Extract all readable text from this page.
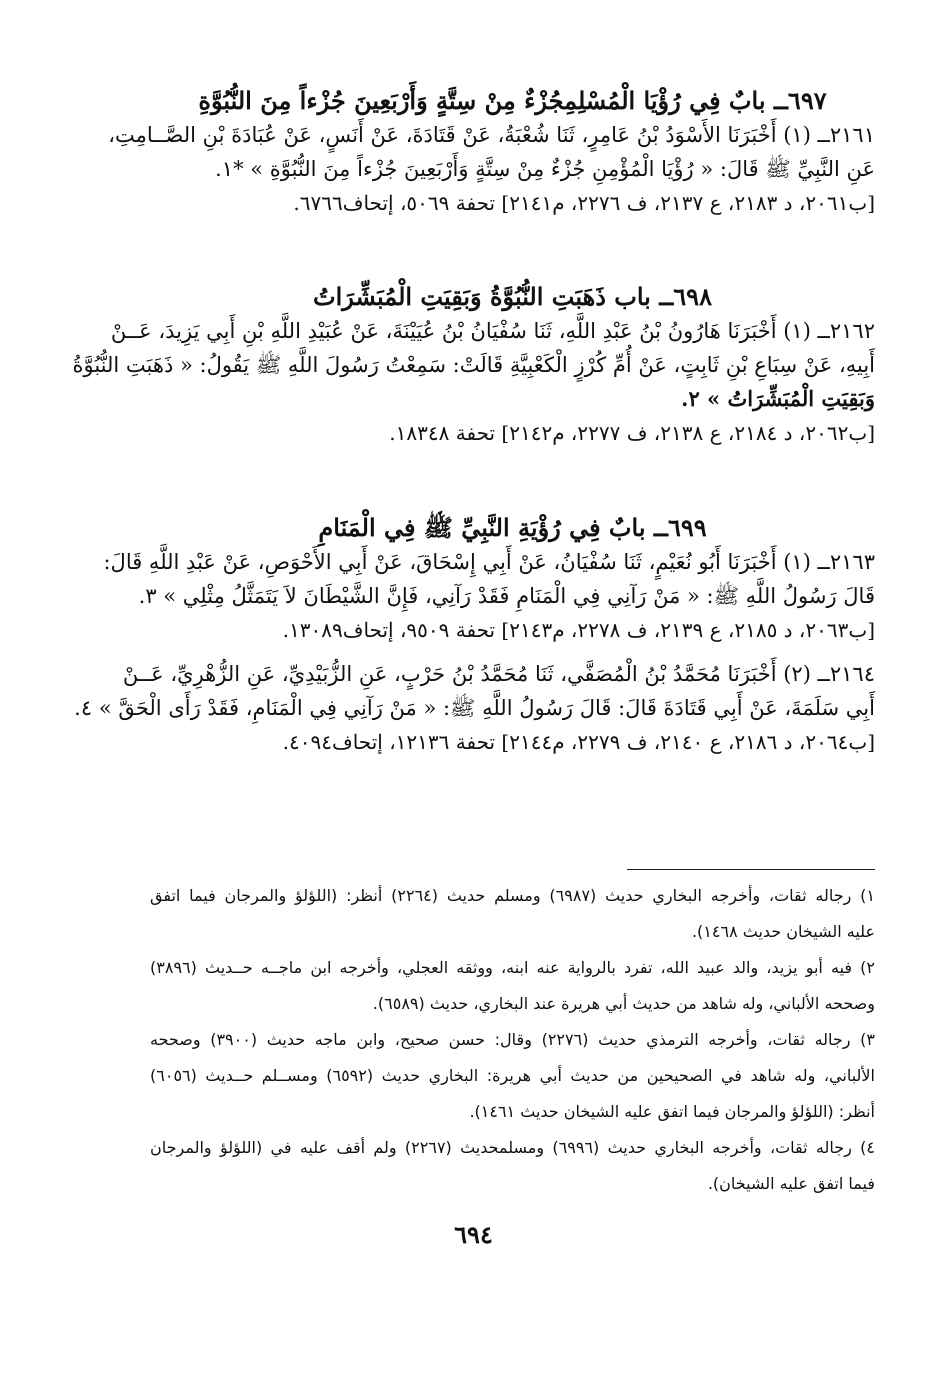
٦٩٧ــ بابٌ فِي رُؤْيَا الْمُسْلِمِجُزْءٌ مِنْ سِتَّةٍ وَأَرْبَعِينَ جُزْءاً مِنَ النُّبُوَّةِ
٢١٦١ــ (١) أَخْبَرَنَا الأَسْوَدُ بْنُ عَامِرٍ، ثَنَا شُعْبَةُ، عَنْ قَتَادَةَ، عَنْ أَنَسٍ، عَنْ عُبَادَةَ بْنِ الصَّــامِتِ،
عَنِ النَّبِيِّ ﷺ قَالَ: « رُؤْيَا الْمُؤْمِنِ جُزْءٌ مِنْ سِتَّةٍ وَأَرْبَعِينَ جُزْءاً مِنَ النُّبُوَّةِ » *١.
[ب٢٠٦١، د ٢١٨٣، ع ٢١٣٧، ف ٢٢٧٦، م٢١٤١] تحفة ٥٠٦٩، إتحاف٦٧٦٦.
٦٩٨ــ باب ذَهَبَتِ النُّبُوَّةُ وَبَقِيَتِ الْمُبَشِّرَاتُ
٢١٦٢ــ (١) أَخْبَرَنَا هَارُونُ بْنُ عَبْدِ اللَّهِ، ثَنَا سُفْيَانُ بْنُ عُيَيْنَةَ، عَنْ عُبَيْدِ اللَّهِ بْنِ أَبِي يَزِيدَ، عَــنْ
أَبِيهِ، عَنْ سِبَاعِ بْنِ ثَابِتٍ، عَنْ أُمِّ كُرْزٍ الْكَعْبِيَّةِ قَالَتْ: سَمِعْتُ رَسُولَ اللَّهِ ﷺ يَقُولُ: « ذَهَبَتِ النُّبُوَّةُ
وَبَقِيَتِ الْمُبَشِّرَاتُ » ٢.
[ب٢٠٦٢، د ٢١٨٤، ع ٢١٣٨، ف ٢٢٧٧، م٢١٤٢] تحفة ١٨٣٤٨.
٦٩٩ــ بابٌ فِي رُؤْيَةِ النَّبِيِّ ﷺ فِي الْمَنَامِ
٢١٦٣ــ (١) أَخْبَرَنَا أَبُو نُعَيْمٍ، ثَنَا سُفْيَانُ، عَنْ أَبِي إِسْحَاقَ، عَنْ أَبِي الأَحْوَصِ، عَنْ عَبْدِ اللَّهِ قَالَ:
قَالَ رَسُولُ اللَّهِ ﷺ: « مَنْ رَآنِي فِي الْمَنَامِ فَقَدْ رَآنِي، فَإِنَّ الشَّيْطَانَ لاَ يَتَمَثَّلُ مِثْلِي » ٣.
[ب٢٠٦٣، د ٢١٨٥، ع ٢١٣٩، ف ٢٢٧٨، م٢١٤٣] تحفة ٩٥٠٩، إتحاف١٣٠٨٩.
٢١٦٤ــ (٢) أَخْبَرَنَا مُحَمَّدُ بْنُ الْمُصَفَّي، ثَنَا مُحَمَّدُ بْنُ حَرْبٍ، عَنِ الزُّبَيْدِيِّ، عَنِ الزُّهْرِيِّ، عَــنْ
أَبِي سَلَمَةَ، عَنْ أَبِي قَتَادَةَ قَالَ: قَالَ رَسُولُ اللَّهِ ﷺ: « مَنْ رَآنِي فِي الْمَنَامِ، فَقَدْ رَأَى الْحَقَّ » ٤.
[ب٢٠٦٤، د ٢١٨٦، ع ٢١٤٠، ف ٢٢٧٩، م٢١٤٤] تحفة ١٢١٣٦، إتحاف٤٠٩٤.
١) رجاله ثقات، وأخرجه البخاري حديث (٦٩٨٧) ومسلم حديث (٢٢٦٤) أنظر: (اللؤلؤ والمرجان فيما اتفق
عليه الشيخان حديث ١٤٦٨).
٢) فيه أبو يزيد، والد عبيد الله، تفرد بالرواية عنه ابنه، ووثقه العجلي، وأخرجه ابن ماجــه حــديث (٣٨٩٦)
وصححه الألباني، وله شاهد من حديث أبي هريرة عند البخاري، حديث (٦٥٨٩).
٣) رجاله ثقات، وأخرجه الترمذي حديث (٢٢٧٦) وقال: حسن صحيح، وابن ماجه حديث (٣٩٠٠) وصححه
الألباني، وله شاهد في الصحيحين من حديث أبي هريرة: البخاري حديث (٦٥٩٢) ومســلم حــديث (٦٠٥٦)
أنظر: (اللؤلؤ والمرجان فيما اتفق عليه الشيخان حديث ١٤٦١).
٤) رجاله ثقات، وأخرجه البخاري حديث (٦٩٩٦) ومسلمحديث (٢٢٦٧) ولم أقف عليه في (اللؤلؤ والمرجان
فيما اتفق عليه الشيخان).
٦٩٤
